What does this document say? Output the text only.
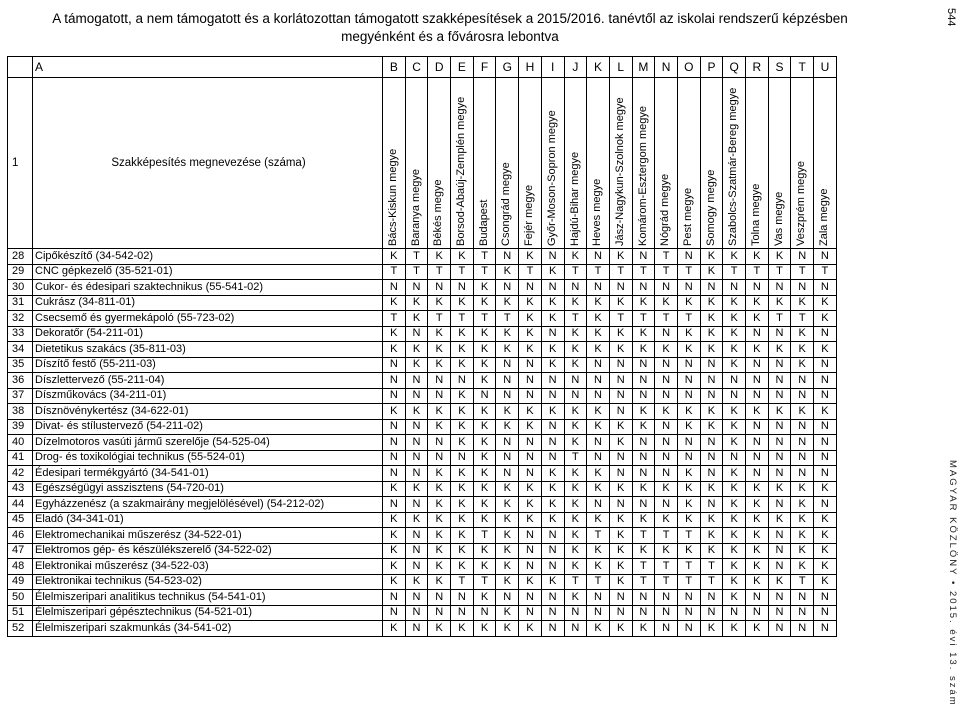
A támogatott, a nem támogatott és a korlátozottan támogatott szakképesítések a 2015/2016. tanévtől az iskolai rendszerű képzésben
megyénként és a fővárosra lebontva
544
MAGYAR KÖZLÖNY • 2015. évi 13. szám
	A	B	C	D	E	F	G	H	I	J	K	L	M	N	O	P	Q	R	S	T	U
1	Szakképesítés megnevezése (száma)	Bács-Kiskun megye	Baranya megye	Békés megye	Borsod-Abaúj-Zemplén megye	Budapest	Csongrád megye	Fejér megye	Győr-Moson-Sopron megye	Hajdú-Bihar megye	Heves megye	Jász-Nagykun-Szolnok megye	Komárom-Esztergom megye	Nógrád megye	Pest megye	Somogy megye	Szabolcs-Szatmár-Bereg megye	Tolna megye	Vas megye	Veszprém megye	Zala megye

28	Cipőkészítő (34-542-02)	K	T	K	K	T	N	K	N	K	N	K	N	T	N	K	K	K	K	N	N
29	CNC gépkezelő (35-521-01)	T	T	T	T	T	K	T	K	T	T	T	T	T	T	K	T	T	T	T	T
30	Cukor- és édesipari szaktechnikus (55-541-02)	N	N	N	N	K	N	N	N	N	N	N	N	N	N	N	N	N	N	N	N
31	Cukrász (34-811-01)	K	K	K	K	K	K	K	K	K	K	K	K	K	K	K	K	K	K	K	K
32	Csecsemő és gyermekápoló (55-723-02)	T	K	T	T	T	T	K	K	T	K	T	T	T	T	K	K	K	T	T	K
33	Dekoratőr (54-211-01)	K	N	K	K	K	K	K	N	K	K	K	K	N	K	K	K	N	N	K	N
34	Dietetikus szakács (35-811-03)	K	K	K	K	K	K	K	K	K	K	K	K	K	K	K	K	K	K	K	K
35	Díszítő festő (55-211-03)	N	K	K	K	K	N	N	K	K	N	N	N	N	N	N	K	N	N	K	N
36	Díszlettervező (55-211-04)	N	N	N	N	K	N	N	N	N	N	N	N	N	N	N	N	N	N	N	N
37	Díszműkovács (34-211-01)	N	N	N	K	N	N	N	N	N	N	N	N	N	N	N	N	N	N	N	N
38	Dísznövénykertész (34-622-01)	K	K	K	K	K	K	K	K	K	K	N	K	K	K	K	K	K	K	K	K
39	Divat- és stílustervező (54-211-02)	N	N	K	K	K	K	K	N	K	K	K	K	N	K	K	K	N	N	N	N
40	Dízelmotoros vasúti jármű szerelője (54-525-04)	N	N	N	K	K	N	N	N	K	N	K	N	N	N	N	K	N	N	N	N
41	Drog- és toxikológiai technikus (55-524-01)	N	N	N	N	K	N	N	N	T	N	N	N	N	N	N	N	N	N	N	N
42	Édesipari termékgyártó (34-541-01)	N	N	K	K	K	N	N	K	K	K	N	N	N	K	N	K	N	N	N	N
43	Egészségügyi asszisztens (54-720-01)	K	K	K	K	K	K	K	K	K	K	K	K	K	K	K	K	K	K	K	K
44	Egyházzenész (a szakmairány megjelölésével) (54-212-02)	N	N	K	K	K	K	K	K	K	N	N	N	N	K	N	K	K	N	K	N
45	Eladó (34-341-01)	K	K	K	K	K	K	K	K	K	K	K	K	K	K	K	K	K	K	K	K
46	Elektromechanikai műszerész (34-522-01)	K	N	K	K	T	K	N	N	K	T	K	T	T	T	K	K	K	N	K	K
47	Elektromos gép- és készülékszerelő (34-522-02)	K	N	K	K	K	K	N	N	K	K	K	K	K	K	K	K	K	N	K	K
48	Elektronikai műszerész (34-522-03)	K	N	K	K	K	K	N	N	K	K	K	T	T	T	T	K	K	N	K	K
49	Elektronikai technikus (54-523-02)	K	K	K	T	T	K	K	K	T	T	K	T	T	T	T	K	K	K	T	K
50	Élelmiszeripari analitikus technikus (54-541-01)	N	N	N	N	K	N	N	N	K	N	N	N	N	N	N	K	N	N	N	N
51	Élelmiszeripari gépésztechnikus (54-521-01)	N	N	N	N	N	K	N	N	N	N	N	N	N	N	N	N	N	N	N	N
52	Élelmiszeripari szakmunkás (34-541-02)	K	N	K	K	K	K	K	N	N	K	K	K	N	N	K	K	K	N	N	N
